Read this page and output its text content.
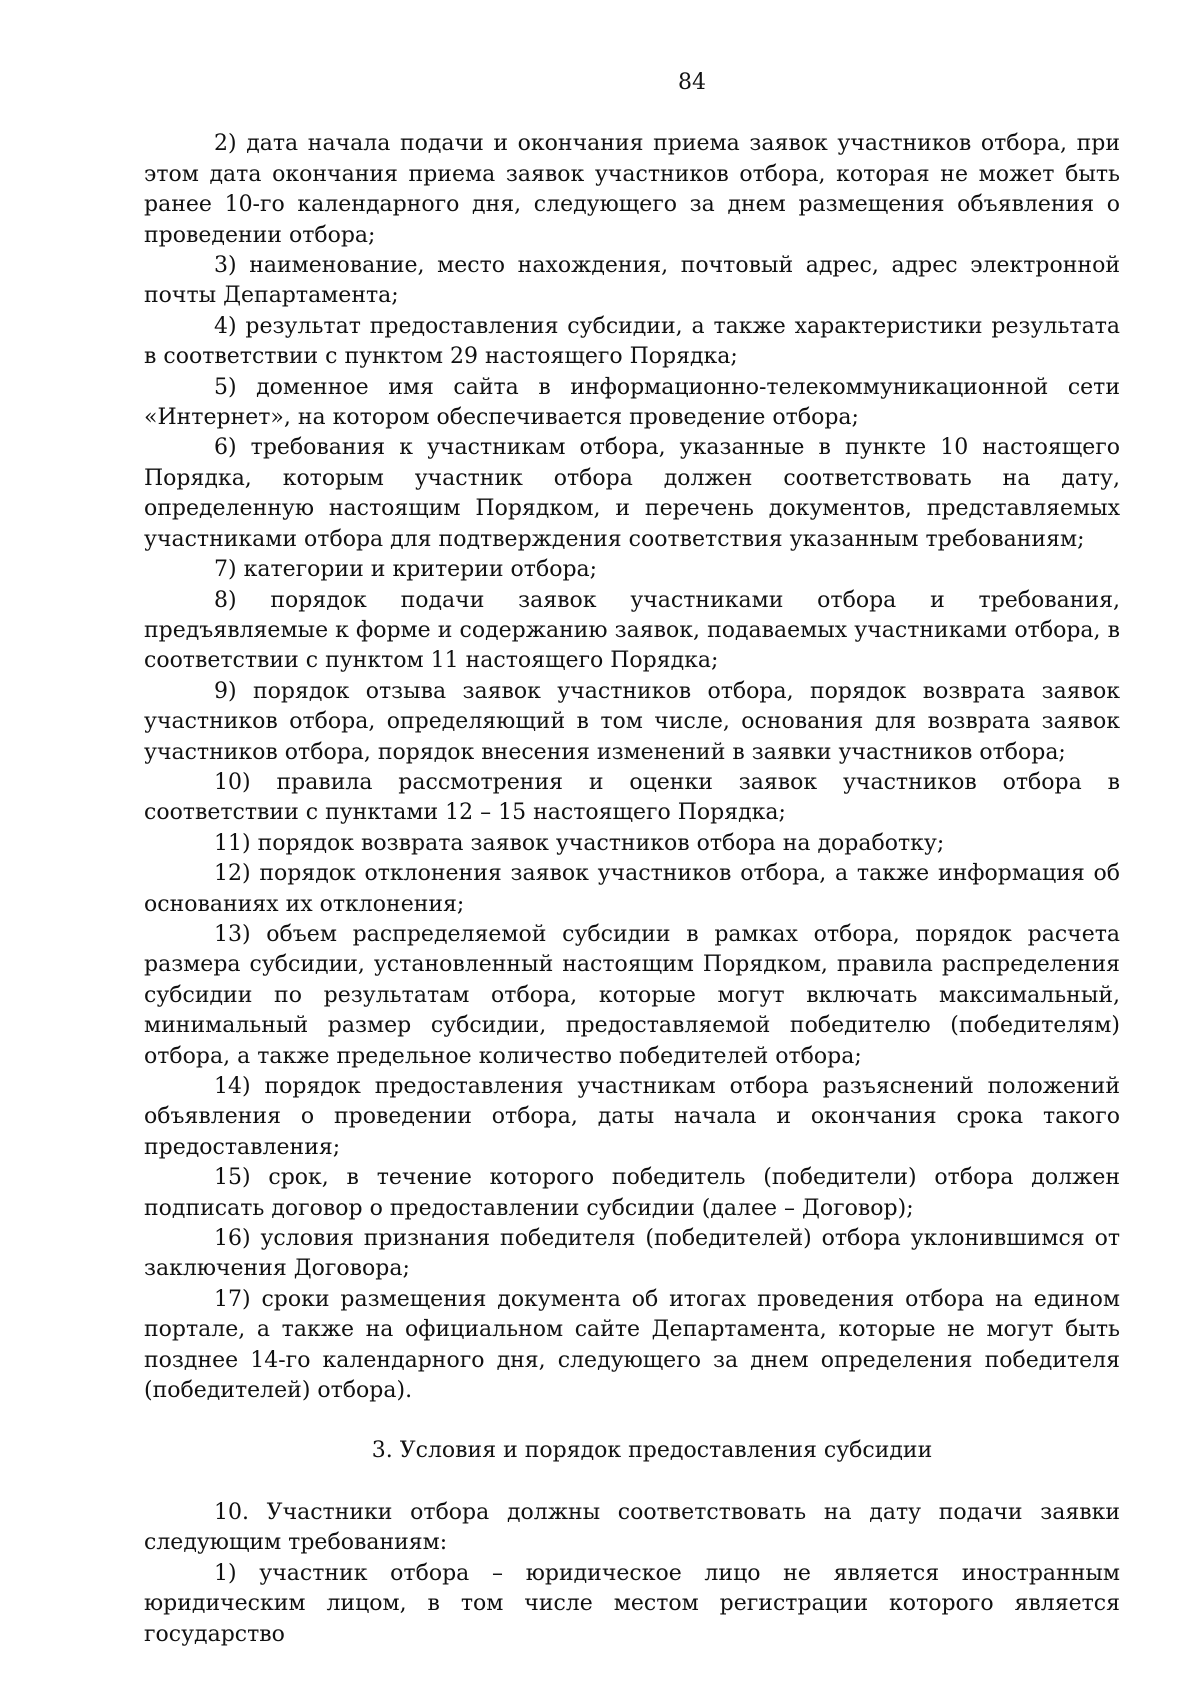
84

2) дата начала подачи и окончания приема заявок участников отбора, при этом дата окончания приема заявок участников отбора, которая не может быть ранее 10-го календарного дня, следующего за днем размещения объявления о проведении отбора;

3) наименование, место нахождения, почтовый адрес, адрес электронной почты Департамента;

4) результат предоставления субсидии, а также характеристики результата в соответствии с пунктом 29 настоящего Порядка;

5) доменное имя сайта в информационно-телекоммуникационной сети «Интернет», на котором обеспечивается проведение отбора;

6) требования к участникам отбора, указанные в пункте 10 настоящего Порядка, которым участник отбора должен соответствовать на дату, определенную настоящим Порядком, и перечень документов, представляемых участниками отбора для подтверждения соответствия указанным требованиям;

7) категории и критерии отбора;

8) порядок подачи заявок участниками отбора и требования, предъявляемые к форме и содержанию заявок, подаваемых участниками отбора, в соответствии с пунктом 11 настоящего Порядка;

9) порядок отзыва заявок участников отбора, порядок возврата заявок участников отбора, определяющий в том числе, основания для возврата заявок участников отбора, порядок внесения изменений в заявки участников отбора;

10) правила рассмотрения и оценки заявок участников отбора в соответствии с пунктами 12 – 15 настоящего Порядка;

11) порядок возврата заявок участников отбора на доработку;

12) порядок отклонения заявок участников отбора, а также информация об основаниях их отклонения;

13) объем распределяемой субсидии в рамках отбора, порядок расчета размера субсидии, установленный настоящим Порядком, правила распределения субсидии по результатам отбора, которые могут включать максимальный, минимальный размер субсидии, предоставляемой победителю (победителям) отбора, а также предельное количество победителей отбора;

14) порядок предоставления участникам отбора разъяснений положений объявления о проведении отбора, даты начала и окончания срока такого предоставления;

15) срок, в течение которого победитель (победители) отбора должен подписать договор о предоставлении субсидии (далее – Договор);

16) условия признания победителя (победителей) отбора уклонившимся от заключения Договора;

17) сроки размещения документа об итогах проведения отбора на едином портале, а также на официальном сайте Департамента, которые не могут быть позднее 14-го календарного дня, следующего за днем определения победителя (победителей) отбора).

3. Условия и порядок предоставления субсидии

10. Участники отбора должны соответствовать на дату подачи заявки следующим требованиям:

1) участник отбора – юридическое лицо не является иностранным юридическим лицом, в том числе местом регистрации которого является государство
